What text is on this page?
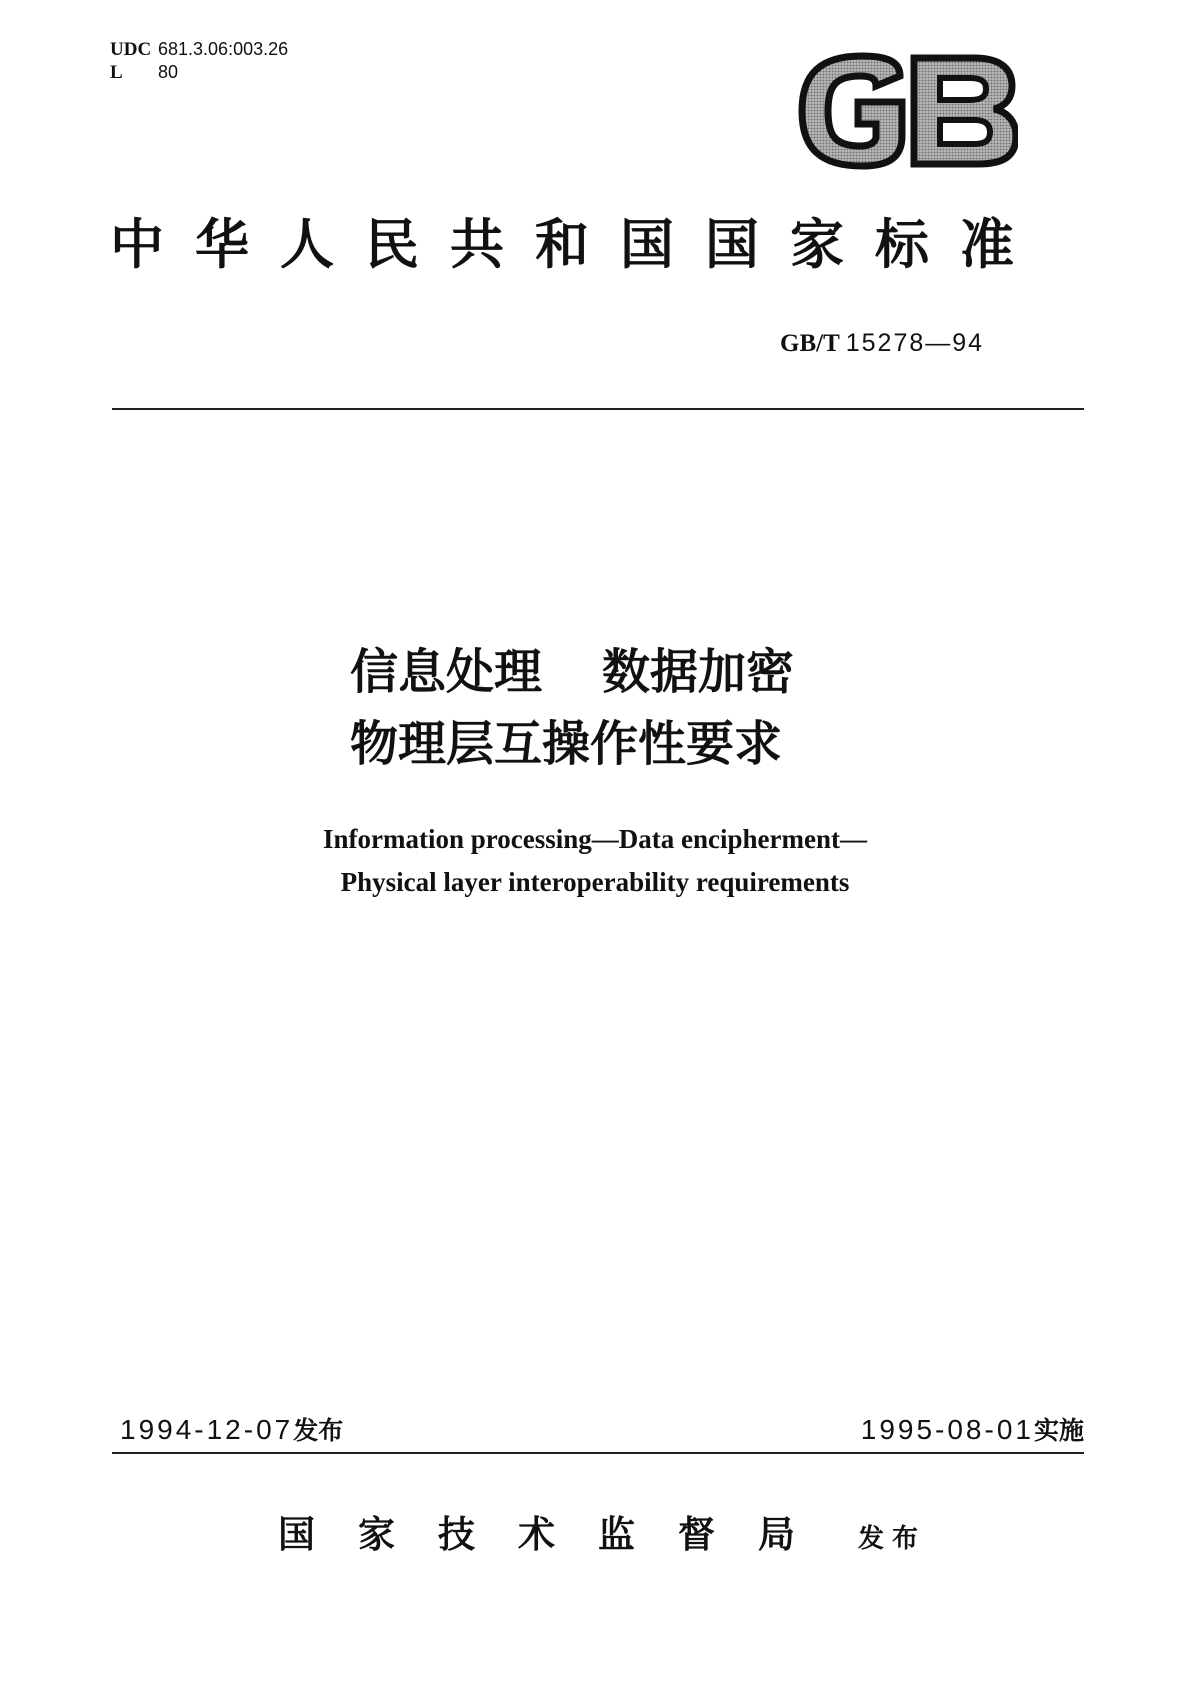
UDC 681.3.06:003.26
L 80
中华人民共和国国家标准
GB/T 15278—94
信息处理 数据加密
物理层互操作性要求
Information processing—Data encipherment—
Physical layer interoperability requirements
1994-12-07发布	1995-08-01实施
国家技术监督局 发布
